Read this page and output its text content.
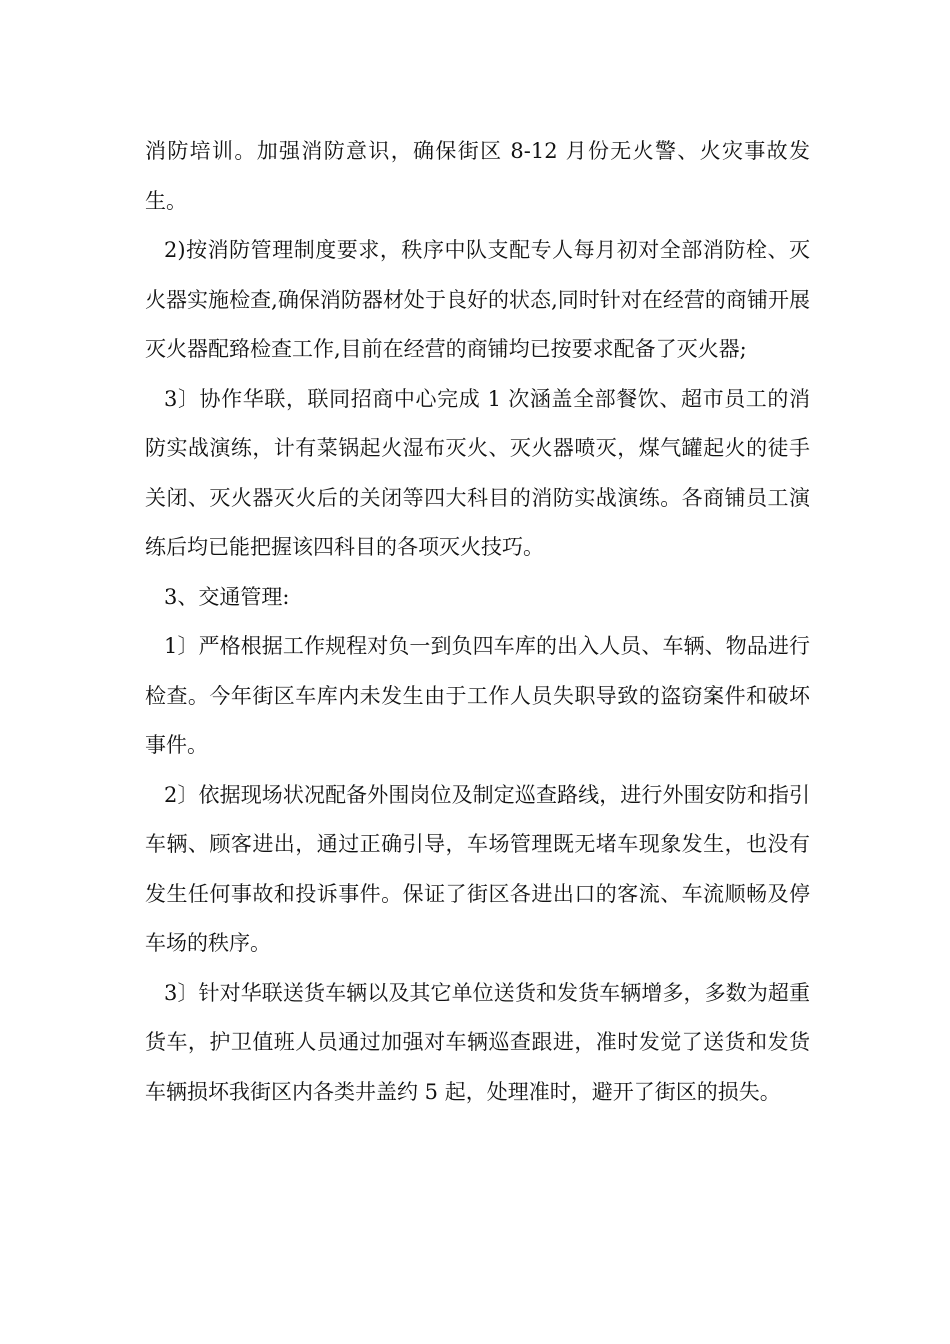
消防培训。加强消防意识，确保街区 8-12 月份无火警、火灾事故发生。

2)按消防管理制度要求，秩序中队支配专人每月初对全部消防栓、灭火器实施检查,确保消防器材处于良好的状态,同时针对在经营的商铺开展灭火器配臵检查工作,目前在经营的商铺均已按要求配备了灭火器;

3〕协作华联，联同招商中心完成 1 次涵盖全部餐饮、超市员工的消防实战演练，计有菜锅起火湿布灭火、灭火器喷灭，煤气罐起火的徒手关闭、灭火器灭火后的关闭等四大科目的消防实战演练。各商铺员工演练后均已能把握该四科目的各项灭火技巧。

3、交通管理:

1〕严格根据工作规程对负一到负四车库的出入人员、车辆、物品进行检查。今年街区车库内未发生由于工作人员失职导致的盗窃案件和破坏事件。

2〕依据现场状况配备外围岗位及制定巡查路线，进行外围安防和指引车辆、顾客进出，通过正确引导，车场管理既无堵车现象发生，也没有发生任何事故和投诉事件。保证了街区各进出口的客流、车流顺畅及停车场的秩序。

3〕针对华联送货车辆以及其它单位送货和发货车辆增多，多数为超重货车，护卫值班人员通过加强对车辆巡查跟进，准时发觉了送货和发货车辆损坏我街区内各类井盖约 5 起，处理准时，避开了街区的损失。
